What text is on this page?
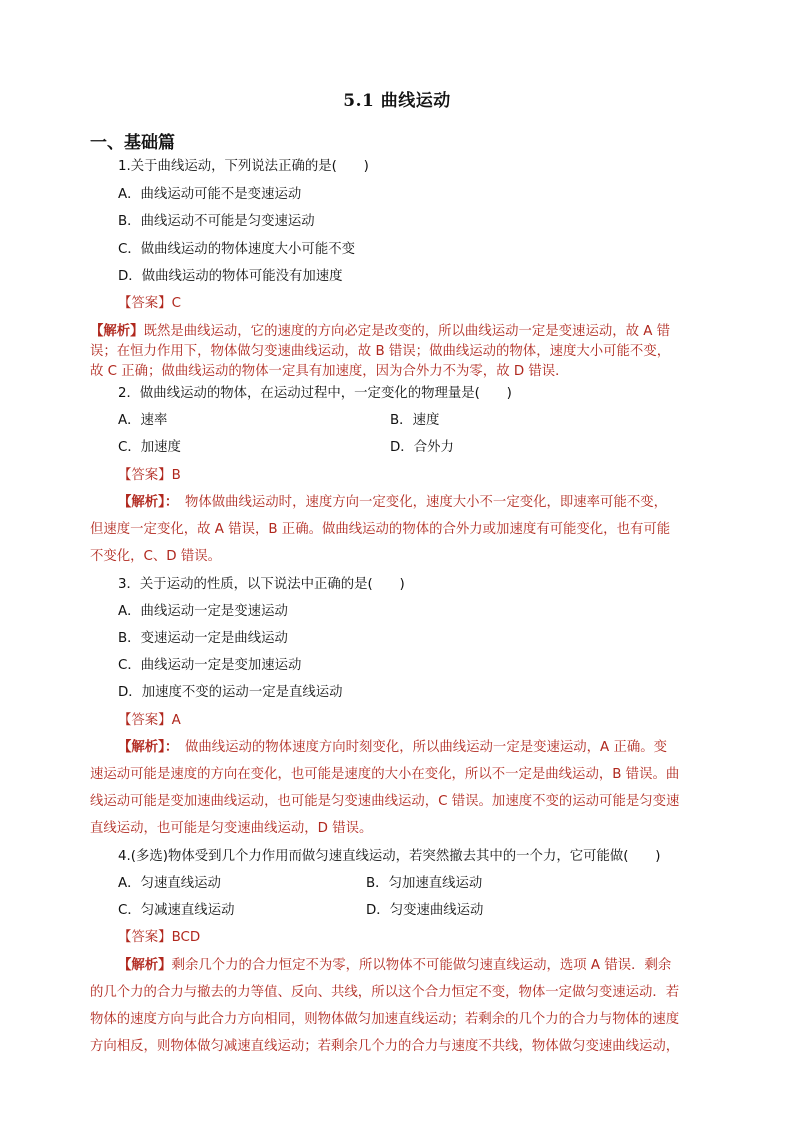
5.1 曲线运动
一、基础篇
1.关于曲线运动，下列说法正确的是(　　)
A．曲线运动可能不是变速运动
B．曲线运动不可能是匀变速运动
C．做曲线运动的物体速度大小可能不变
D．做曲线运动的物体可能没有加速度
【答案】C
【解析】既然是曲线运动，它的速度的方向必定是改变的，所以曲线运动一定是变速运动，故 A 错
误；在恒力作用下，物体做匀变速曲线运动，故 B 错误；做曲线运动的物体，速度大小可能不变，
故 C 正确；做曲线运动的物体一定具有加速度，因为合外力不为零，故 D 错误．
2．做曲线运动的物体，在运动过程中，一定变化的物理量是(　　)
A．速率	B．速度
C．加速度	D．合外力
【答案】B
【解析】：　物体做曲线运动时，速度方向一定变化，速度大小不一定变化，即速率可能不变，
但速度一定变化，故 A 错误，B 正确。做曲线运动的物体的合外力或加速度有可能变化，也有可能
不变化，C、D 错误。
3．关于运动的性质，以下说法中正确的是(　　)
A．曲线运动一定是变速运动
B．变速运动一定是曲线运动
C．曲线运动一定是变加速运动
D．加速度不变的运动一定是直线运动
【答案】A
【解析】：　做曲线运动的物体速度方向时刻变化，所以曲线运动一定是变速运动，A 正确。变
速运动可能是速度的方向在变化，也可能是速度的大小在变化，所以不一定是曲线运动，B 错误。曲
线运动可能是变加速曲线运动，也可能是匀变速曲线运动，C 错误。加速度不变的运动可能是匀变速
直线运动，也可能是匀变速曲线运动，D 错误。
4.(多选)物体受到几个力作用而做匀速直线运动，若突然撤去其中的一个力，它可能做(　　)
A．匀速直线运动	B．匀加速直线运动
C．匀减速直线运动	D．匀变速曲线运动
【答案】BCD
【解析】剩余几个力的合力恒定不为零，所以物体不可能做匀速直线运动，选项 A 错误．剩余
的几个力的合力与撤去的力等值、反向、共线，所以这个合力恒定不变，物体一定做匀变速运动．若
物体的速度方向与此合力方向相同，则物体做匀加速直线运动；若剩余的几个力的合力与物体的速度
方向相反，则物体做匀减速直线运动；若剩余几个力的合力与速度不共线，物体做匀变速曲线运动，
